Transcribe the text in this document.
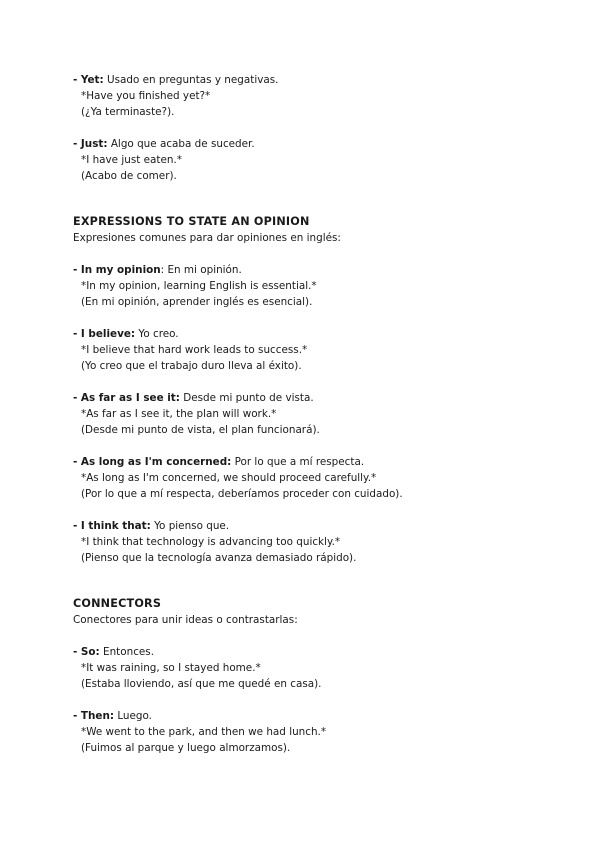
- Yet: Usado en preguntas y negativas.
*Have you finished yet?*
(¿Ya terminaste?).
- Just: Algo que acaba de suceder.
*I have just eaten.*
(Acabo de comer).
EXPRESSIONS TO STATE AN OPINION
Expresiones comunes para dar opiniones en inglés:
- In my opinion: En mi opinión.
*In my opinion, learning English is essential.*
(En mi opinión, aprender inglés es esencial).
- I believe: Yo creo.
*I believe that hard work leads to success.*
(Yo creo que el trabajo duro lleva al éxito).
- As far as I see it: Desde mi punto de vista.
*As far as I see it, the plan will work.*
(Desde mi punto de vista, el plan funcionará).
- As long as I'm concerned: Por lo que a mí respecta.
*As long as I'm concerned, we should proceed carefully.*
(Por lo que a mí respecta, deberíamos proceder con cuidado).
- I think that: Yo pienso que.
*I think that technology is advancing too quickly.*
(Pienso que la tecnología avanza demasiado rápido).
CONNECTORS
Conectores para unir ideas o contrastarlas:
- So: Entonces.
*It was raining, so I stayed home.*
(Estaba lloviendo, así que me quedé en casa).
- Then: Luego.
*We went to the park, and then we had lunch.*
(Fuimos al parque y luego almorzamos).
